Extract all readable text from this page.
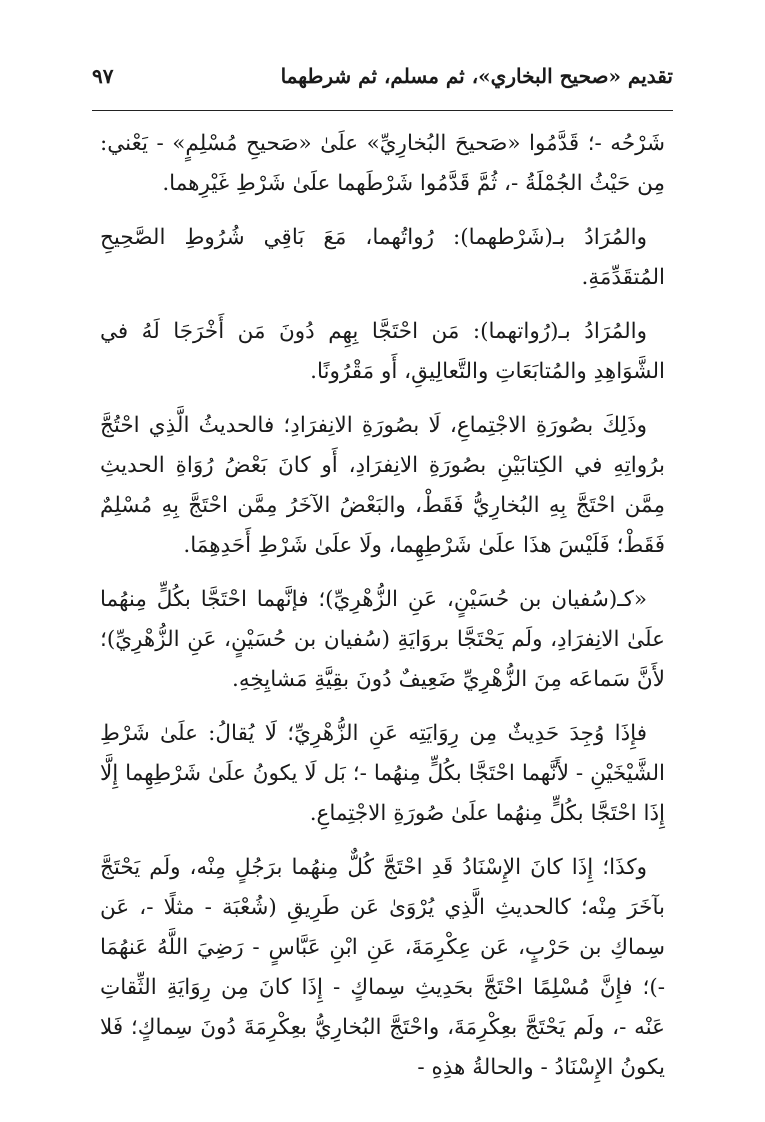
تقديم «صحيح البخاري»، ثم مسلم، ثم شرطهما
٩٧

شَرْحُه -؛ قَدَّمُوا «صَحيحَ البُخارِيِّ» علَىٰ «صَحيحِ مُسْلِمٍ» - يَعْني: مِن حَيْثُ الجُمْلَةُ -، ثُمَّ قَدَّمُوا شَرْطَهما علَىٰ شَرْطِ غَيْرِهما.

والمُرَادُ بـ(شَرْطهما): رُواتُهما، مَعَ بَاقِي شُرُوطِ الصَّحِيحِ المُتقَدِّمَةِ.

والمُرَادُ بـ(رُواتهما): مَن احْتَجَّا بِهِم دُونَ مَن أَخْرَجَا لَهُ في الشَّوَاهِدِ والمُتابَعَاتِ والتَّعالِيقِ، أَو مَقْرُونًا.

وذَلِكَ بصُورَةِ الاجْتِماعِ، لَا بصُورَةِ الانِفرَادِ؛ فالحديثُ الَّذِي احْتُجَّ برُواتِهِ في الكِتابَيْنِ بصُورَةِ الانِفرَادِ، أَو كانَ بَعْضُ رُوَاةِ الحديثِ مِمَّن احْتَجَّ بِهِ البُخارِيُّ فَقَطْ، والبَعْضُ الآخَرُ مِمَّن احْتَجَّ بِهِ مُسْلِمٌ فَقَطْ؛ فَلَيْسَ هذَا علَىٰ شَرْطِهِما، ولَا علَىٰ شَرْطِ أَحَدِهِمَا.

«كـ(سُفيان بن حُسَيْنٍ، عَنِ الزُّهْرِيِّ)؛ فإنَّهما احْتَجَّا بكُلٍّ مِنهُما علَىٰ الانِفرَادِ، ولَم يَحْتَجَّا بروَايَةِ (سُفيان بن حُسَيْنٍ، عَنِ الزُّهْرِيِّ)؛ لأَنَّ سَماعَه مِنَ الزُّهْرِيِّ ضَعِيفٌ دُونَ بقِيَّةِ مَشايِخِهِ.

فإِذَا وُجِدَ حَدِيثٌ مِن رِوَايَتِه عَنِ الزُّهْرِيِّ؛ لَا يُقالُ: علَىٰ شَرْطِ الشَّيْخَيْنِ - لأَنَّهما احْتَجَّا بكُلٍّ مِنهُما -؛ بَل لَا يكونُ علَىٰ شَرْطِهِما إِلَّا إِذَا احْتَجَّا بكُلٍّ مِنهُما علَىٰ صُورَةِ الاجْتِماعِ.

وكذَا؛ إِذَا كانَ الإِسْنَادُ قَدِ احْتَجَّ كُلٌّ مِنهُما برَجُلٍ مِنْه، ولَم يَحْتَجَّ بآخَرَ مِنْه؛ كالحديثِ الَّذِي يُرْوَىٰ عَن طَرِيقِ (شُعْبَة - مثلًا -، عَن سِماكِ بن حَرْبٍ، عَن عِكْرِمَةَ، عَنِ ابْنِ عَبَّاسٍ - رَضِيَ اللَّهُ عَنهُمَا -)؛ فإِنَّ مُسْلِمًا احْتَجَّ بحَدِيثِ سِماكٍ - إِذَا كانَ مِن رِوَايَةِ الثِّقاتِ عَنْه -، ولَم يَحْتَجَّ بعِكْرِمَةَ، واحْتَجَّ البُخارِيُّ بعِكْرِمَةَ دُونَ سِماكٍ؛ فَلا يكونُ الإِسْنَادُ - والحالةُ هذِهِ -
